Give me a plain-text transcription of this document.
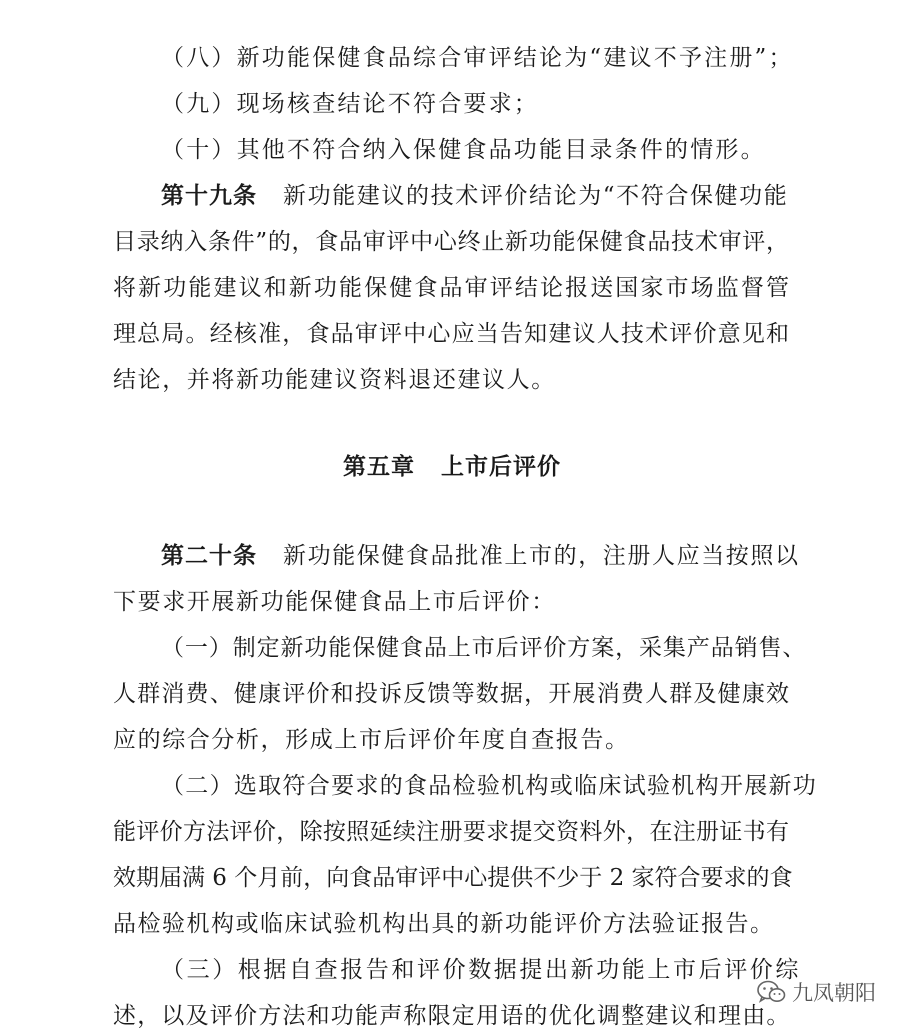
（八）新功能保健食品综合审评结论为“建议不予注册”；
（九）现场核查结论不符合要求；
（十）其他不符合纳入保健食品功能目录条件的情形。
第十九条 新功能建议的技术评价结论为“不符合保健功能
目录纳入条件”的，食品审评中心终止新功能保健食品技术审评，
将新功能建议和新功能保健食品审评结论报送国家市场监督管
理总局。经核准，食品审评中心应当告知建议人技术评价意见和
结论，并将新功能建议资料退还建议人。
第五章 上市后评价
第二十条 新功能保健食品批准上市的，注册人应当按照以
下要求开展新功能保健食品上市后评价：
（一）制定新功能保健食品上市后评价方案，采集产品销售、
人群消费、健康评价和投诉反馈等数据，开展消费人群及健康效
应的综合分析，形成上市后评价年度自查报告。
（二）选取符合要求的食品检验机构或临床试验机构开展新功
能评价方法评价，除按照延续注册要求提交资料外，在注册证书有
效期届满 6 个月前，向食品审评中心提供不少于 2 家符合要求的食
品检验机构或临床试验机构出具的新功能评价方法验证报告。
（三）根据自查报告和评价数据提出新功能上市后评价综
述，以及评价方法和功能声称限定用语的优化调整建议和理由。
九凤朝阳
